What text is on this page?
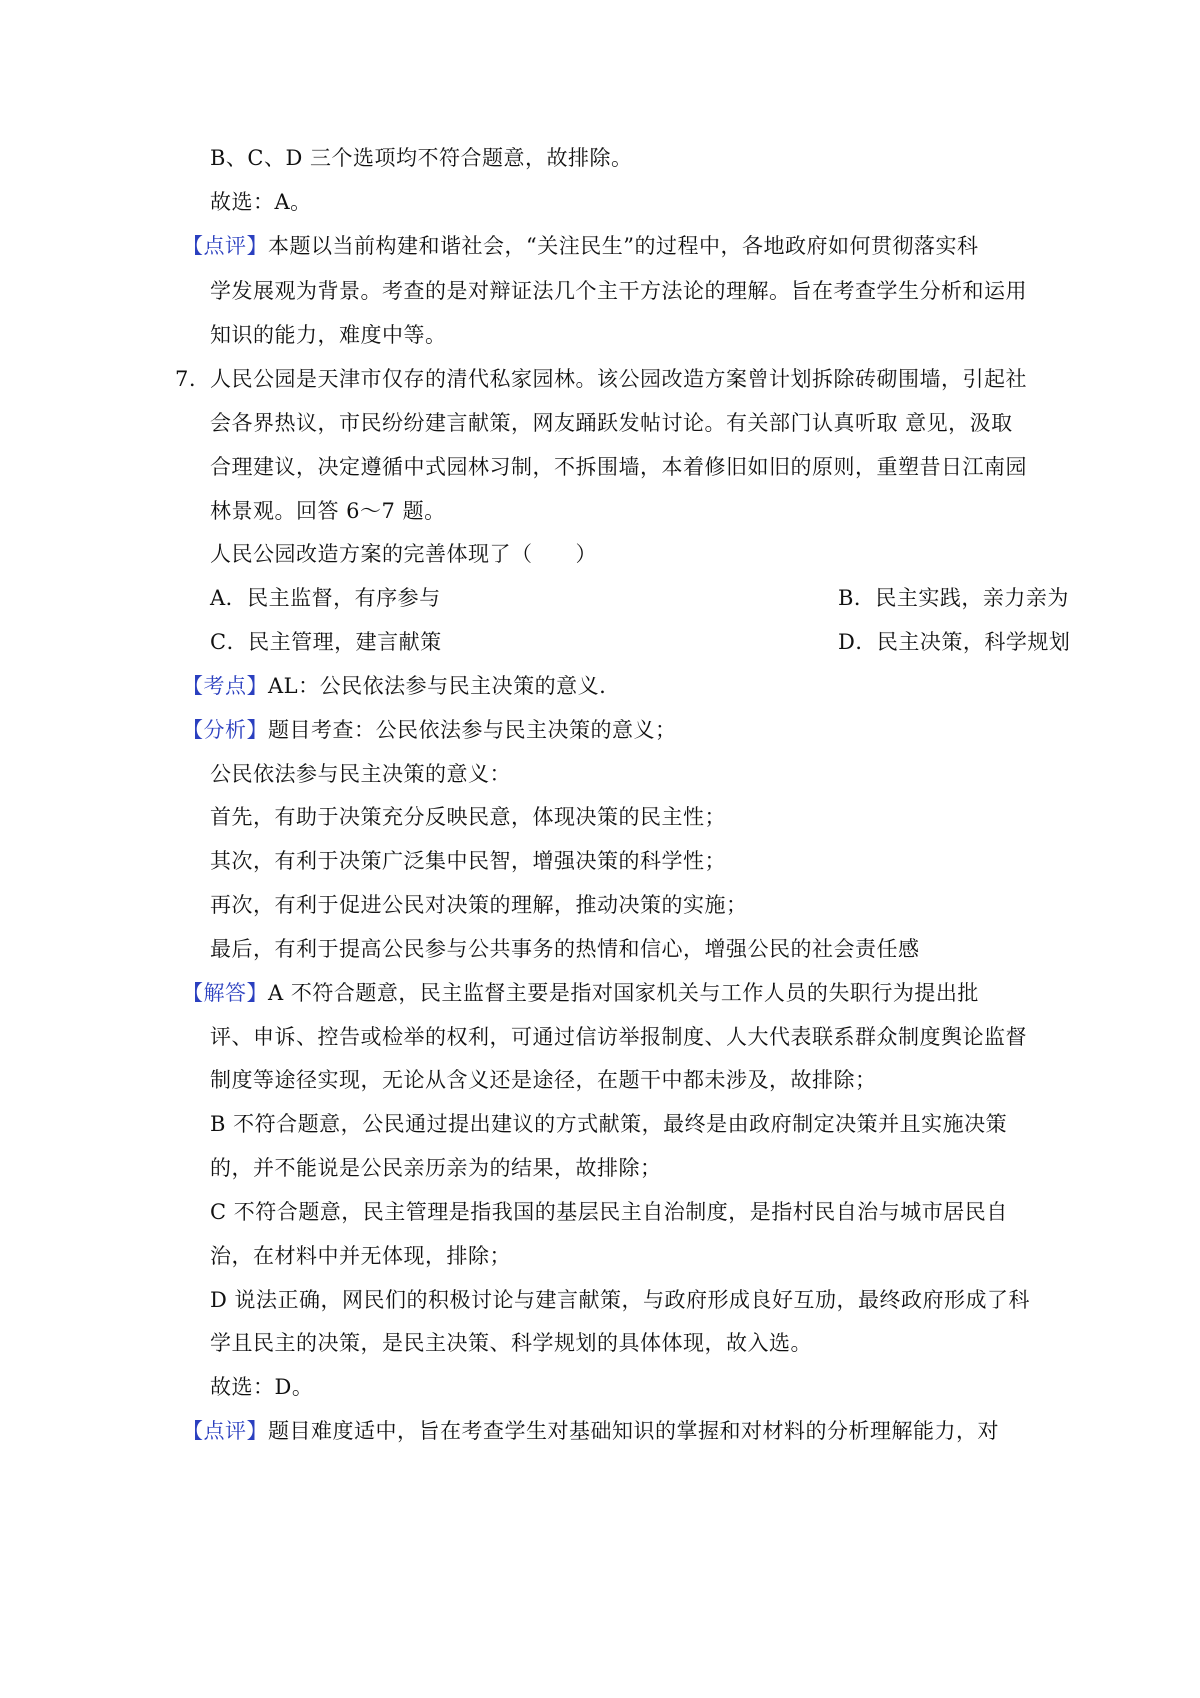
B、C、D 三个选项均不符合题意，故排除。
故选：A。
【点评】本题以当前构建和谐社会，“关注民生”的过程中，各地政府如何贯彻落实科
学发展观为背景。考查的是对辩证法几个主干方法论的理解。旨在考查学生分析和运用
知识的能力，难度中等。
7. 人民公园是天津市仅存的清代私家园林。该公园改造方案曾计划拆除砖砌围墙，引起社
会各界热议，市民纷纷建言献策，网友踊跃发帖讨论。有关部门认真听取 意见，汲取
合理建议，决定遵循中式园林习制，不拆围墙，本着修旧如旧的原则，重塑昔日江南园
林景观。回答 6～7 题。
人民公园改造方案的完善体现了（　　）
A．民主监督，有序参与	B．民主实践，亲力亲为
C．民主管理，建言献策	D．民主决策，科学规划
【考点】AL：公民依法参与民主决策的意义.
【分析】题目考查：公民依法参与民主决策的意义；
公民依法参与民主决策的意义：
首先，有助于决策充分反映民意，体现决策的民主性；
其次，有利于决策广泛集中民智，增强决策的科学性；
再次，有利于促进公民对决策的理解，推动决策的实施；
最后，有利于提高公民参与公共事务的热情和信心，增强公民的社会责任感
【解答】A 不符合题意，民主监督主要是指对国家机关与工作人员的失职行为提出批
评、申诉、控告或检举的权利，可通过信访举报制度、人大代表联系群众制度舆论监督
制度等途径实现，无论从含义还是途径，在题干中都未涉及，故排除；
B 不符合题意，公民通过提出建议的方式献策，最终是由政府制定决策并且实施决策
的，并不能说是公民亲历亲为的结果，故排除；
C 不符合题意，民主管理是指我国的基层民主自治制度，是指村民自治与城市居民自
治，在材料中并无体现，排除；
D 说法正确，网民们的积极讨论与建言献策，与政府形成良好互劢，最终政府形成了科
学且民主的决策，是民主决策、科学规划的具体体现，故入选。
故选：D。
【点评】题目难度适中，旨在考查学生对基础知识的掌握和对材料的分析理解能力，对
